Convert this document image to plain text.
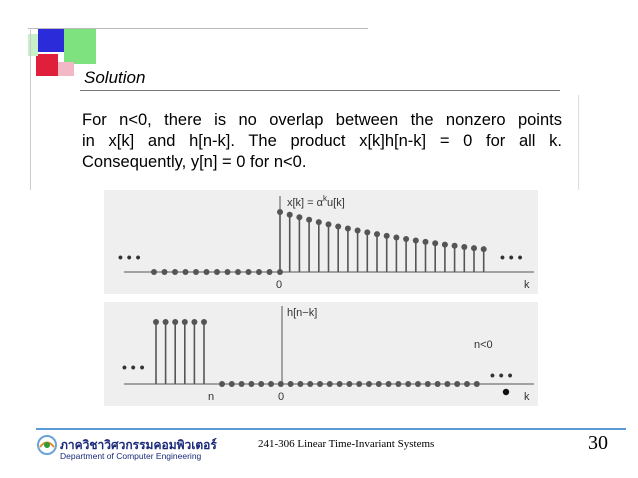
Solution
For n<0, there is no overlap between the nonzero points
in x[k] and h[n-k]. The product x[k]h[n-k] = 0 for all k.
Consequently, y[n] = 0 for n<0.
• • •	• • •
$x[k] = \alpha^ku[k]$
0	k
• • •	• • •
h[n−k]
n<0
n	0	k
ภาควิชาวิศวกรรมคอมพิวเตอร์
Department of Computer Engineering
241-306 Linear Time-Invariant Systems	30
